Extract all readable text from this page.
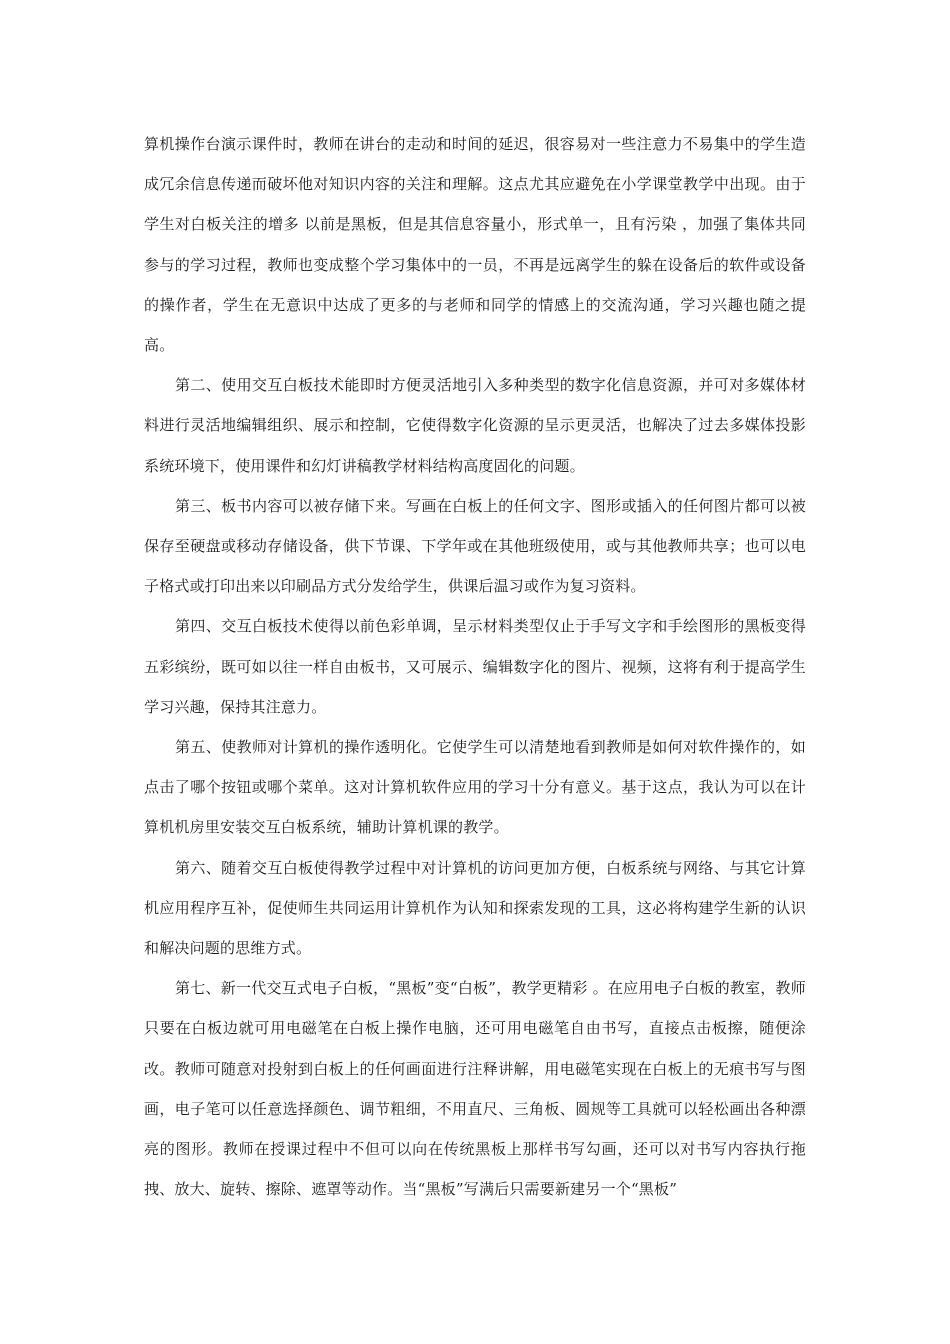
算机操作台演示课件时，教师在讲台的走动和时间的延迟，很容易对一些注意力不易集中的学生造成冗余信息传递而破坏他对知识内容的关注和理解。这点尤其应避免在小学课堂教学中出现。由于学生对白板关注的增多 以前是黑板，但是其信息容量小，形式单一，且有污染 ，加强了集体共同参与的学习过程，教师也变成整个学习集体中的一员，不再是远离学生的躲在设备后的软件或设备的操作者，学生在无意识中达成了更多的与老师和同学的情感上的交流沟通，学习兴趣也随之提高。

第二、使用交互白板技术能即时方便灵活地引入多种类型的数字化信息资源，并可对多媒体材料进行灵活地编辑组织、展示和控制，它使得数字化资源的呈示更灵活，也解决了过去多媒体投影系统环境下，使用课件和幻灯讲稿教学材料结构高度固化的问题。

第三、板书内容可以被存储下来。写画在白板上的任何文字、图形或插入的任何图片都可以被保存至硬盘或移动存储设备，供下节课、下学年或在其他班级使用，或与其他教师共享；也可以电子格式或打印出来以印刷品方式分发给学生，供课后温习或作为复习资料。

第四、交互白板技术使得以前色彩单调，呈示材料类型仅止于手写文字和手绘图形的黑板变得五彩缤纷，既可如以往一样自由板书，又可展示、编辑数字化的图片、视频，这将有利于提高学生学习兴趣，保持其注意力。

第五、使教师对计算机的操作透明化。它使学生可以清楚地看到教师是如何对软件操作的，如点击了哪个按钮或哪个菜单。这对计算机软件应用的学习十分有意义。基于这点，我认为可以在计算机机房里安装交互白板系统，辅助计算机课的教学。

第六、随着交互白板使得教学过程中对计算机的访问更加方便，白板系统与网络、与其它计算机应用程序互补，促使师生共同运用计算机作为认知和探索发现的工具，这必将构建学生新的认识和解决问题的思维方式。

第七、新一代交互式电子白板，“黑板”变“白板”，教学更精彩 。在应用电子白板的教室，教师只要在白板边就可用电磁笔在白板上操作电脑，还可用电磁笔自由书写，直接点击板擦，随便涂改。教师可随意对投射到白板上的任何画面进行注释讲解，用电磁笔实现在白板上的无痕书写与图画，电子笔可以任意选择颜色、调节粗细，不用直尺、三角板、圆规等工具就可以轻松画出各种漂亮的图形。教师在授课过程中不但可以向在传统黑板上那样书写勾画，还可以对书写内容执行拖拽、放大、旋转、擦除、遮罩等动作。当“黑板”写满后只需要新建另一个“黑板”
